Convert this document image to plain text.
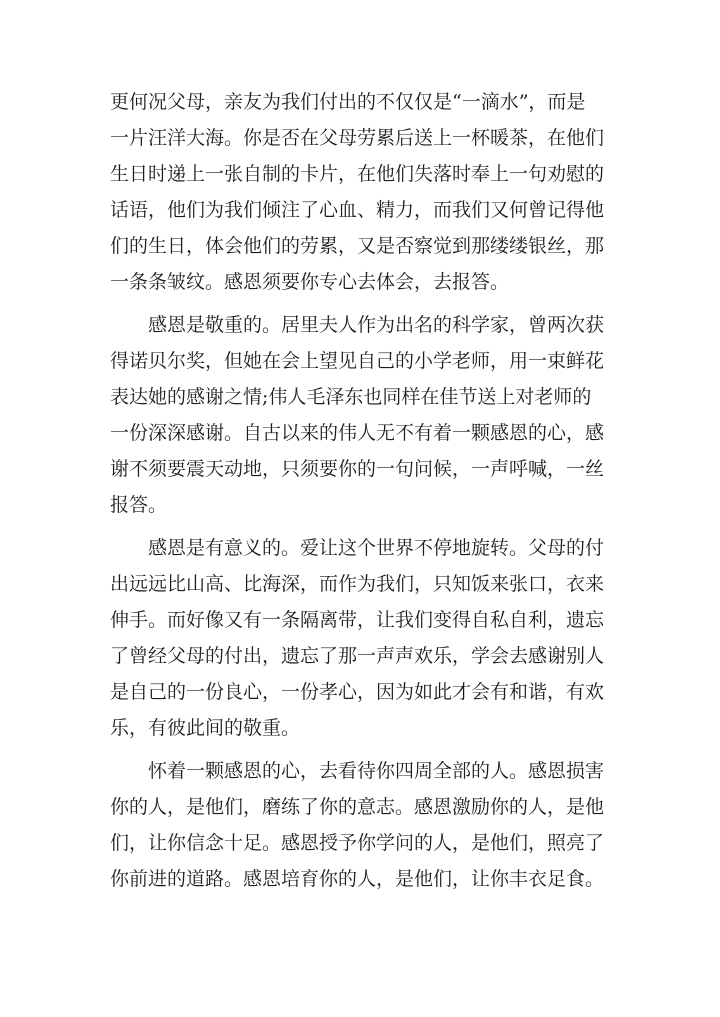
更何况父母，亲友为我们付出的不仅仅是“一滴水”，而是
一片汪洋大海。你是否在父母劳累后送上一杯暖茶，在他们
生日时递上一张自制的卡片，在他们失落时奉上一句劝慰的
话语，他们为我们倾注了心血、精力，而我们又何曾记得他
们的生日，体会他们的劳累，又是否察觉到那缕缕银丝，那
一条条皱纹。感恩须要你专心去体会，去报答。

感恩是敬重的。居里夫人作为出名的科学家，曾两次获
得诺贝尔奖，但她在会上望见自己的小学老师，用一束鲜花
表达她的感谢之情;伟人毛泽东也同样在佳节送上对老师的
一份深深感谢。自古以来的伟人无不有着一颗感恩的心，感
谢不须要震天动地，只须要你的一句问候，一声呼喊，一丝
报答。

感恩是有意义的。爱让这个世界不停地旋转。父母的付
出远远比山高、比海深，而作为我们，只知饭来张口，衣来
伸手。而好像又有一条隔离带，让我们变得自私自利，遗忘
了曾经父母的付出，遗忘了那一声声欢乐，学会去感谢别人
是自己的一份良心，一份孝心，因为如此才会有和谐，有欢
乐，有彼此间的敬重。

怀着一颗感恩的心，去看待你四周全部的人。感恩损害
你的人，是他们，磨练了你的意志。感恩激励你的人，是他
们，让你信念十足。感恩授予你学问的人，是他们，照亮了
你前进的道路。感恩培育你的人，是他们，让你丰衣足食。
